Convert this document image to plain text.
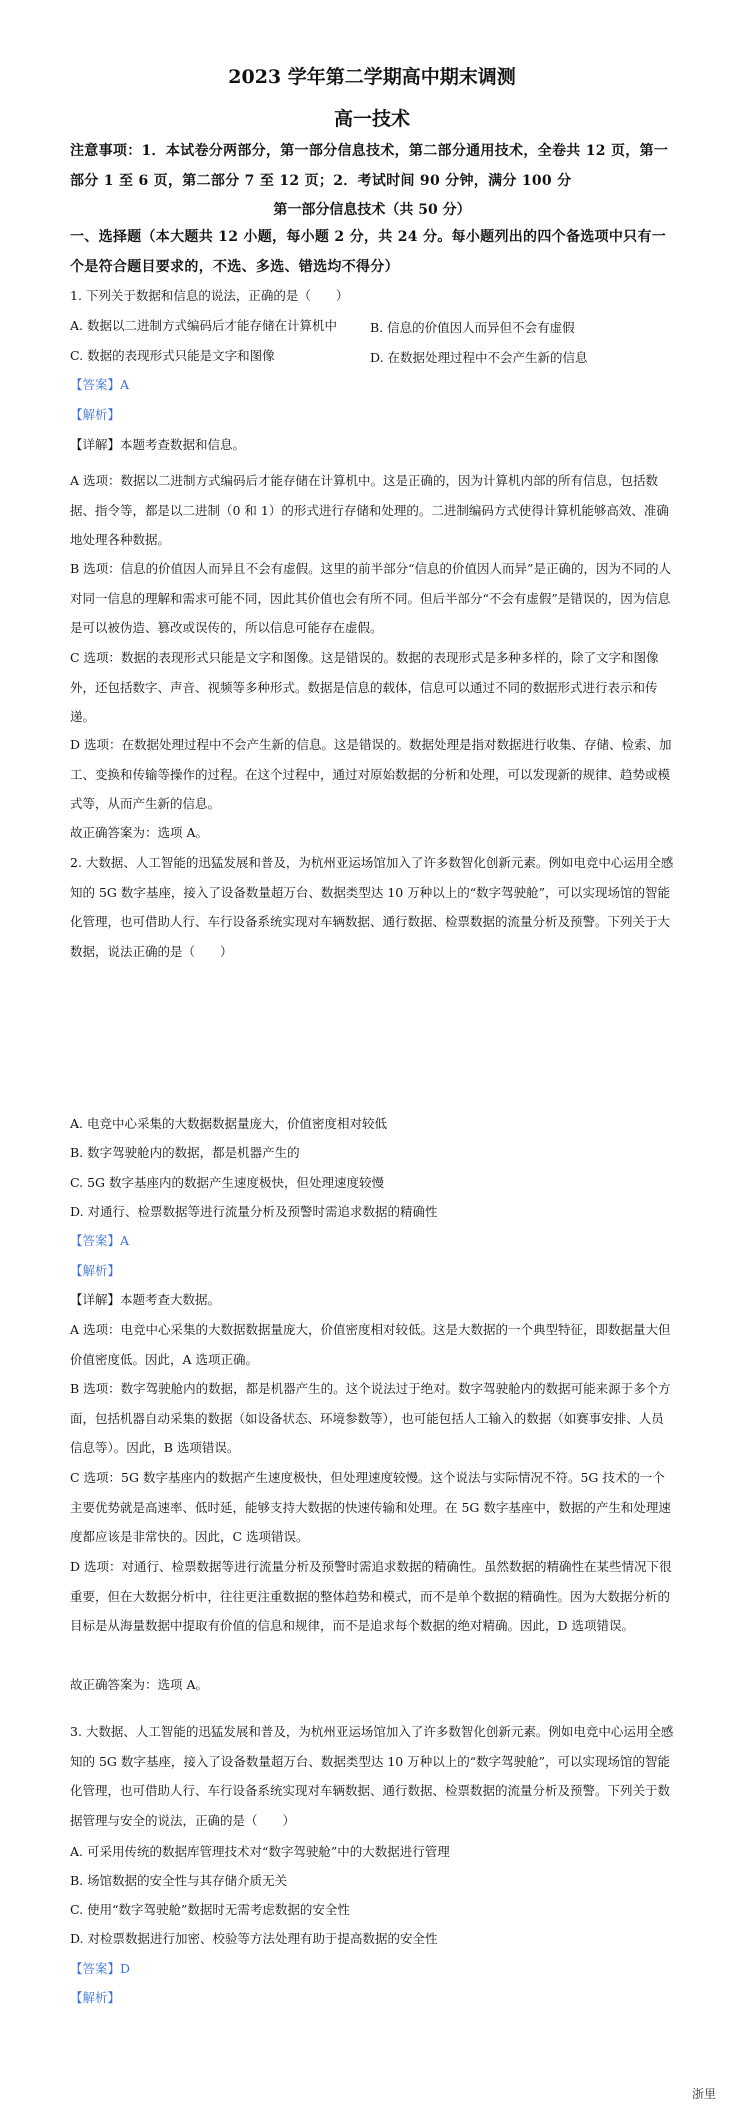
2023 学年第二学期高中期末调测
高一技术
注意事项：1．本试卷分两部分，第一部分信息技术，第二部分通用技术，全卷共 12 页，第一部分 1 至 6 页，第二部分 7 至 12 页；2．考试时间 90 分钟，满分 100 分
第一部分信息技术（共 50 分）
一、选择题（本大题共 12 小题，每小题 2 分，共 24 分。每小题列出的四个备选项中只有一个是符合题目要求的，不选、多选、错选均不得分）
1. 下列关于数据和信息的说法，正确的是（　　）
A. 数据以二进制方式编码后才能存储在计算机中	B. 信息的价值因人而异但不会有虚假
C. 数据的表现形式只能是文字和图像	D. 在数据处理过程中不会产生新的信息
【答案】A
【解析】
【详解】本题考查数据和信息。
A 选项：数据以二进制方式编码后才能存储在计算机中。这是正确的，因为计算机内部的所有信息，包括数据、指令等，都是以二进制（0 和 1）的形式进行存储和处理的。二进制编码方式使得计算机能够高效、准确地处理各种数据。
B 选项：信息的价值因人而异且不会有虚假。这里的前半部分“信息的价值因人而异”是正确的，因为不同的人对同一信息的理解和需求可能不同，因此其价值也会有所不同。但后半部分“不会有虚假”是错误的，因为信息是可以被伪造、篡改或误传的，所以信息可能存在虚假。
C 选项：数据的表现形式只能是文字和图像。这是错误的。数据的表现形式是多种多样的，除了文字和图像外，还包括数字、声音、视频等多种形式。数据是信息的载体，信息可以通过不同的数据形式进行表示和传递。
D 选项：在数据处理过程中不会产生新的信息。这是错误的。数据处理是指对数据进行收集、存储、检索、加工、变换和传输等操作的过程。在这个过程中，通过对原始数据的分析和处理，可以发现新的规律、趋势或模式等，从而产生新的信息。
故正确答案为：选项 A。
2. 大数据、人工智能的迅猛发展和普及，为杭州亚运场馆加入了许多数智化创新元素。例如电竞中心运用全感知的 5G 数字基座，接入了设备数量超万台、数据类型达 10 万种以上的“数字驾驶舱”，可以实现场馆的智能化管理，也可借助人行、车行设备系统实现对车辆数据、通行数据、检票数据的流量分析及预警。下列关于大数据，说法正确的是（　　）
A. 电竞中心采集的大数据数据量庞大，价值密度相对较低
B. 数字驾驶舱内的数据，都是机器产生的
C. 5G 数字基座内的数据产生速度极快，但处理速度较慢
D. 对通行、检票数据等进行流量分析及预警时需追求数据的精确性
【答案】A
【解析】
【详解】本题考查大数据。
A 选项：电竞中心采集的大数据数据量庞大，价值密度相对较低。这是大数据的一个典型特征，即数据量大但价值密度低。因此，A 选项正确。
B 选项：数字驾驶舱内的数据，都是机器产生的。这个说法过于绝对。数字驾驶舱内的数据可能来源于多个方面，包括机器自动采集的数据（如设备状态、环境参数等），也可能包括人工输入的数据（如赛事安排、人员信息等）。因此，B 选项错误。
C 选项：5G 数字基座内的数据产生速度极快，但处理速度较慢。这个说法与实际情况不符。5G 技术的一个主要优势就是高速率、低时延，能够支持大数据的快速传输和处理。在 5G 数字基座中，数据的产生和处理速度都应该是非常快的。因此，C 选项错误。
D 选项：对通行、检票数据等进行流量分析及预警时需追求数据的精确性。虽然数据的精确性在某些情况下很重要，但在大数据分析中，往往更注重数据的整体趋势和模式，而不是单个数据的精确性。因为大数据分析的目标是从海量数据中提取有价值的信息和规律，而不是追求每个数据的绝对精确。因此，D 选项错误。
故正确答案为：选项 A。
3. 大数据、人工智能的迅猛发展和普及，为杭州亚运场馆加入了许多数智化创新元素。例如电竞中心运用全感知的 5G 数字基座，接入了设备数量超万台、数据类型达 10 万种以上的“数字驾驶舱”，可以实现场馆的智能化管理，也可借助人行、车行设备系统实现对车辆数据、通行数据、检票数据的流量分析及预警。下列关于数据管理与安全的说法，正确的是（　　）
A. 可采用传统的数据库管理技术对“数字驾驶舱”中的大数据进行管理
B. 场馆数据的安全性与其存储介质无关
C. 使用“数字驾驶舱”数据时无需考虑数据的安全性
D. 对检票数据进行加密、校验等方法处理有助于提高数据的安全性
【答案】D
【解析】
浙里
